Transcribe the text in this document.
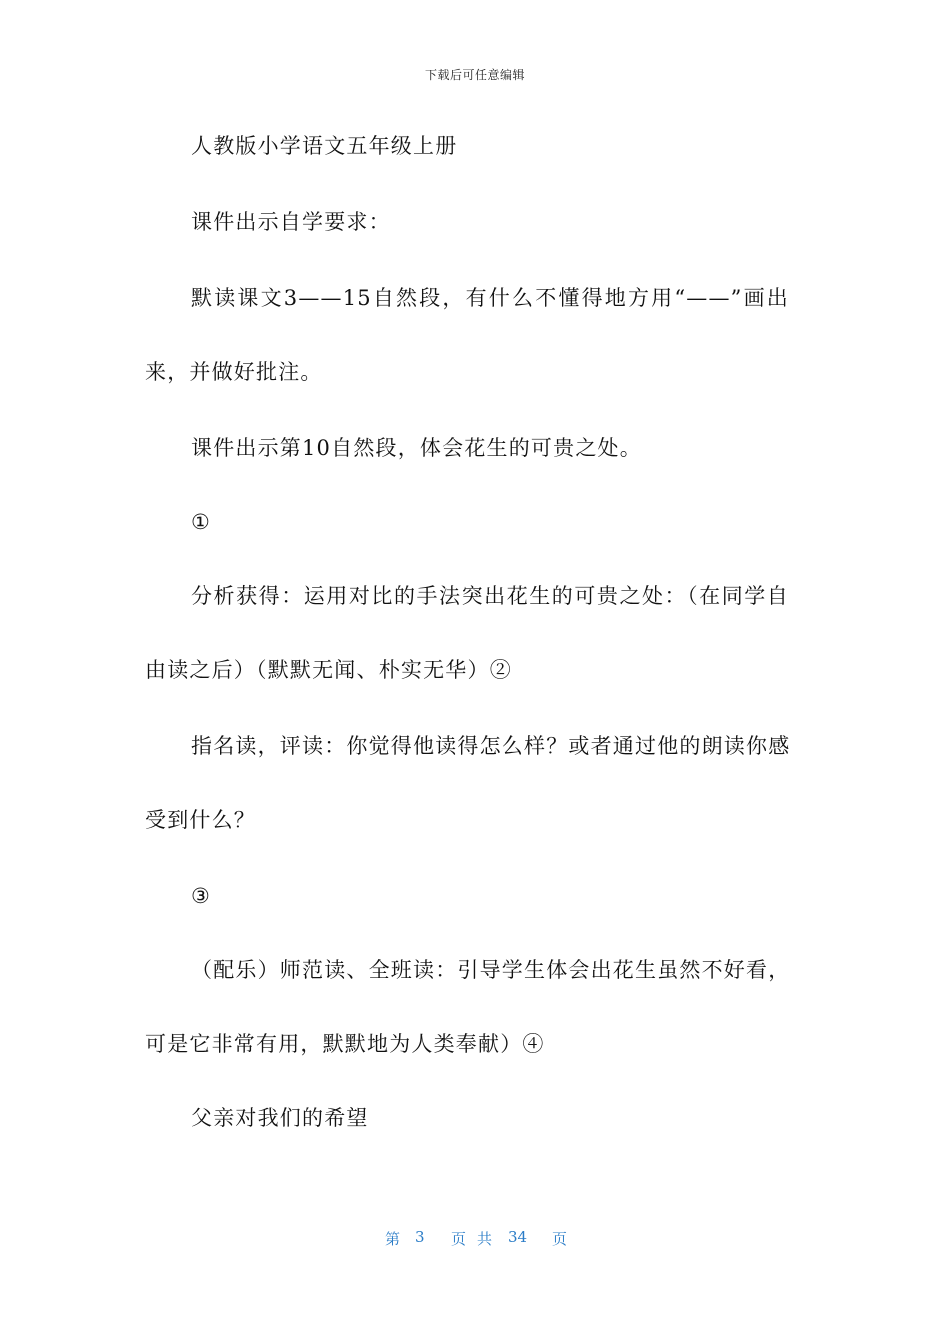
下载后可任意编辑
人教版小学语文五年级上册
课件出示自学要求：
默读课文3——15自然段，有什么不懂得地方用“——”画出
来，并做好批注。
课件出示第10自然段，体会花生的可贵之处。
①
分析获得：运用对比的手法突出花生的可贵之处：（在同学自
由读之后）（默默无闻、朴实无华）②
指名读，评读：你觉得他读得怎么样？或者通过他的朗读你感
受到什么？
③
（配乐）师范读、全班读：引导学生体会出花生虽然不好看，
可是它非常有用，默默地为人类奉献）④
父亲对我们的希望
第 3 页 共 34 页
